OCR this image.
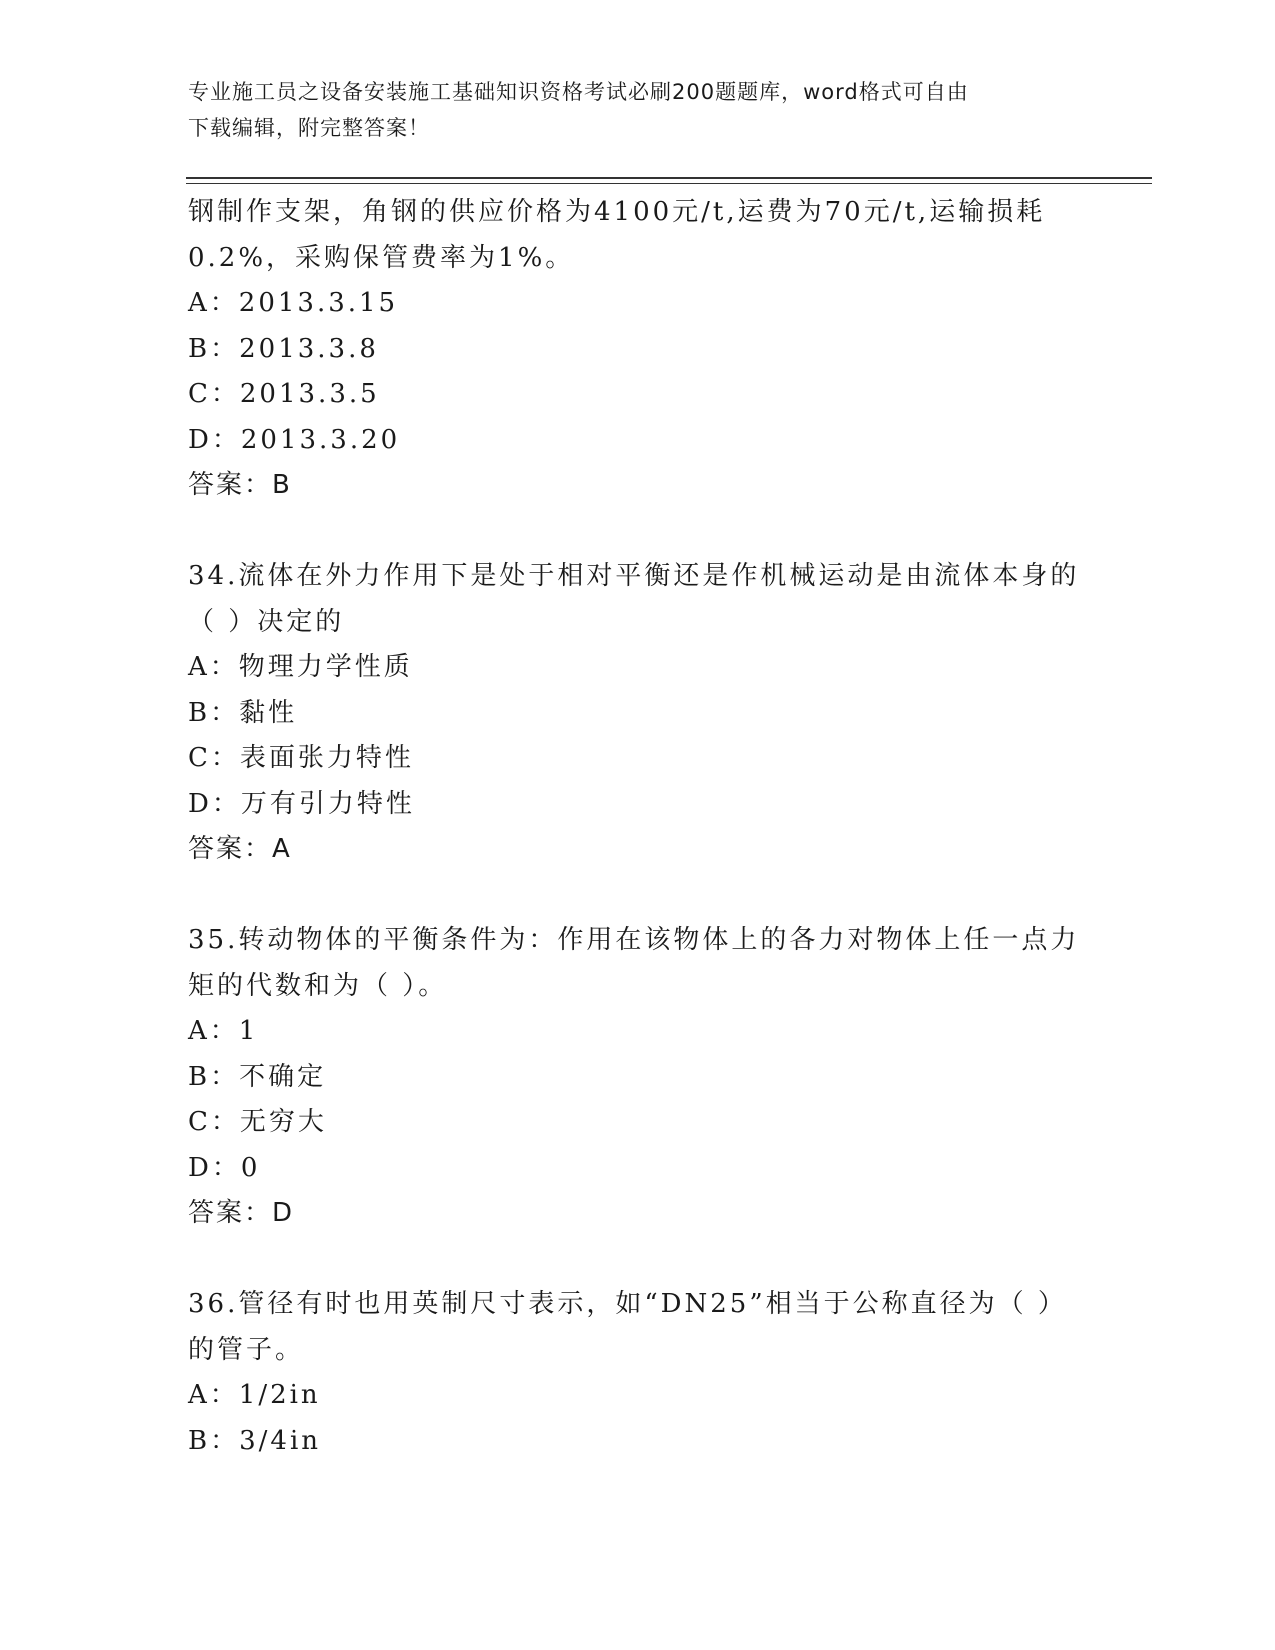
专业施工员之设备安装施工基础知识资格考试必刷200题题库，word格式可自由
下载编辑，附完整答案！
钢制作支架，角钢的供应价格为4100元/t,运费为70元/t,运输损耗
0.2%，采购保管费率为1%。
A：2013.3.15
B：2013.3.8
C：2013.3.5
D：2013.3.20
答案：B
34.流体在外力作用下是处于相对平衡还是作机械运动是由流体本身的
（ ）决定的
A：物理力学性质
B：黏性
C：表面张力特性
D：万有引力特性
答案：A
35.转动物体的平衡条件为：作用在该物体上的各力对物体上任一点力
矩的代数和为（ ）。
A：1
B：不确定
C：无穷大
D：0
答案：D
36.管径有时也用英制尺寸表示，如“DN25”相当于公称直径为（ ）
的管子。
A：1/2in
B：3/4in
